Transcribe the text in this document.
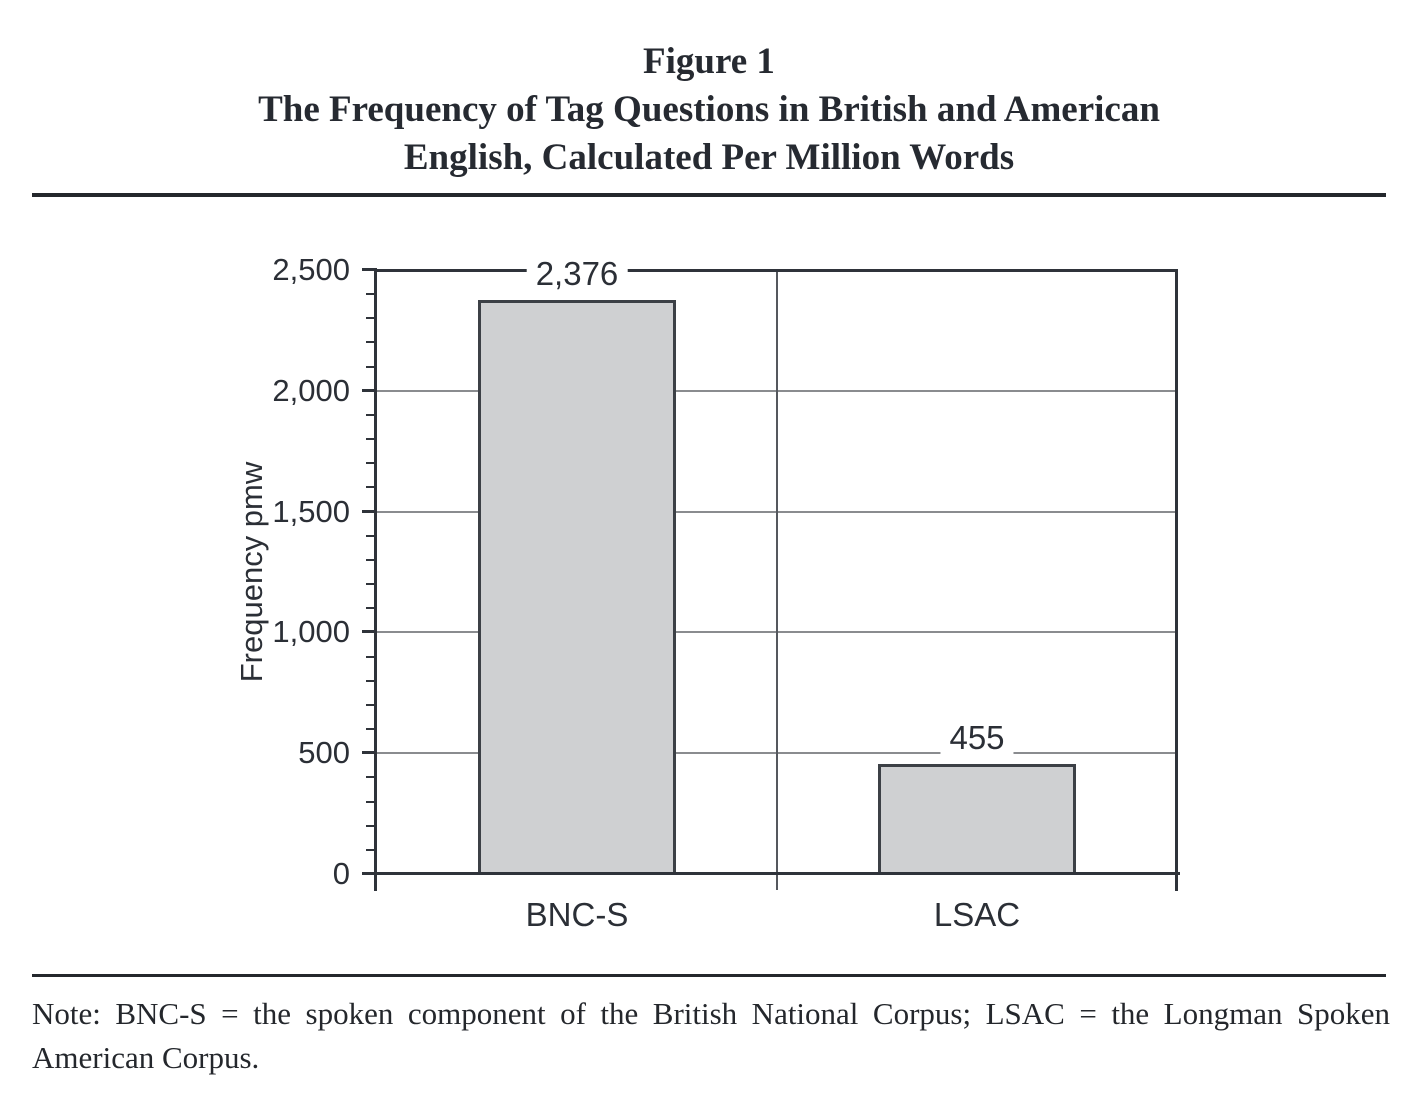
Figure 1
The Frequency of Tag Questions in British and American
English, Calculated Per Million Words
Frequency pmw
0
500
1,000
1,500
2,000
2,500	2,376
BNC-S
455
LSAC
Note: BNC-S = the spoken component of the British National Corpus; LSAC = the Longman Spoken
American Corpus.
